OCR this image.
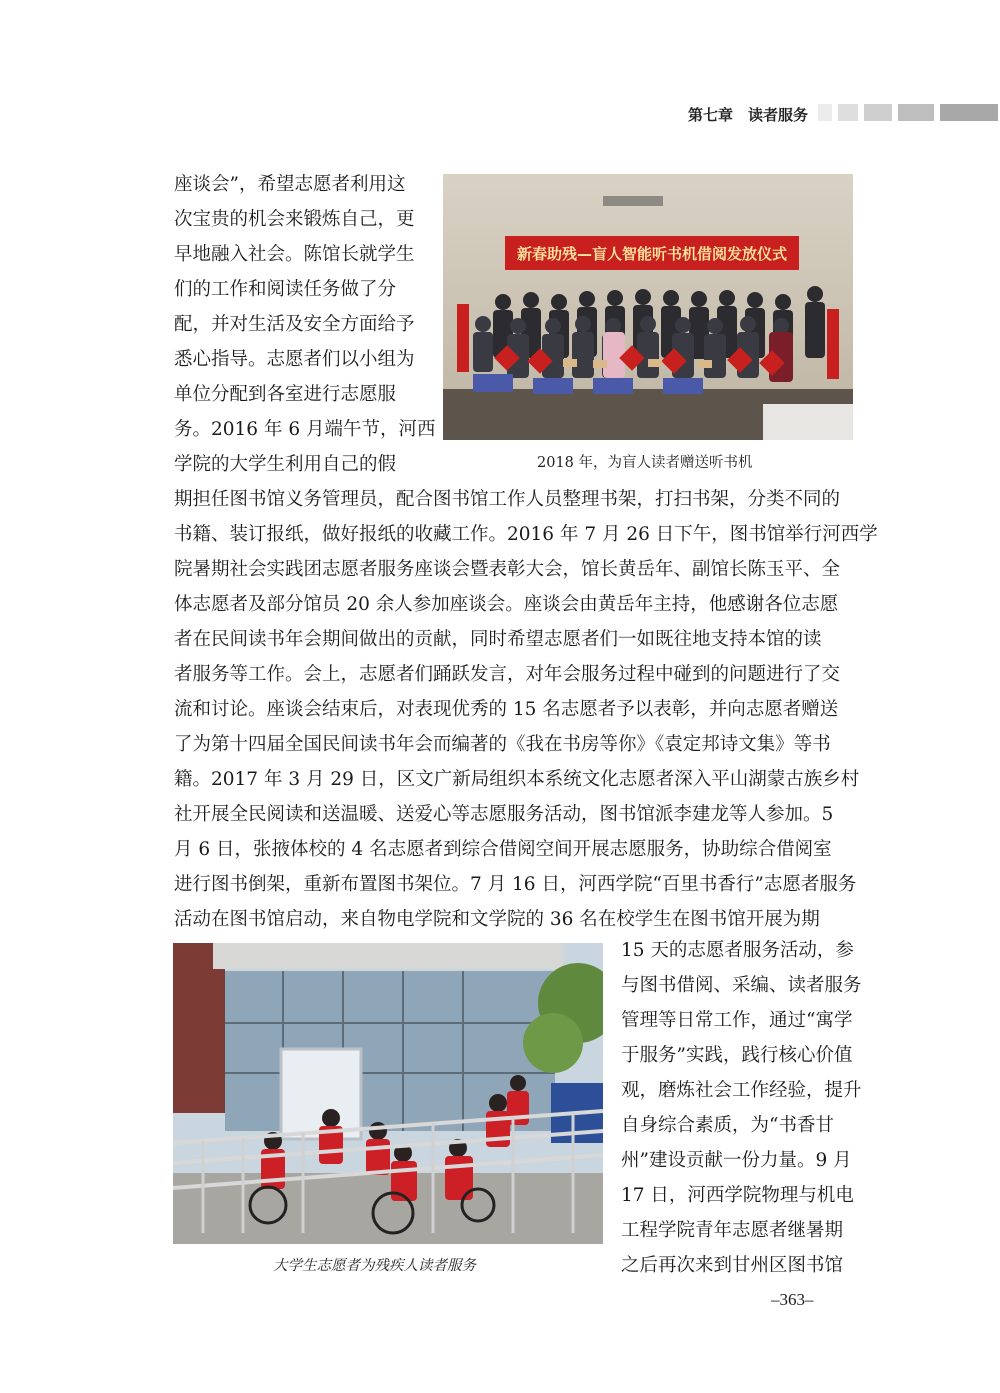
第七章　读者服务
座谈会”，希望志愿者利用这
次宝贵的机会来锻炼自己，更
早地融入社会。陈馆长就学生
们的工作和阅读任务做了分
配，并对生活及安全方面给予
悉心指导。志愿者们以小组为
单位分配到各室进行志愿服
务。2016 年 6 月端午节，河西
学院的大学生利用自己的假
新春助残—盲人智能听书机借阅发放仪式
2018 年，为盲人读者赠送听书机
期担任图书馆义务管理员，配合图书馆工作人员整理书架，打扫书架，分类不同的
书籍、装订报纸，做好报纸的收藏工作。2016 年 7 月 26 日下午，图书馆举行河西学
院暑期社会实践团志愿者服务座谈会暨表彰大会，馆长黄岳年、副馆长陈玉平、全
体志愿者及部分馆员 20 余人参加座谈会。座谈会由黄岳年主持，他感谢各位志愿
者在民间读书年会期间做出的贡献，同时希望志愿者们一如既往地支持本馆的读
者服务等工作。会上，志愿者们踊跃发言，对年会服务过程中碰到的问题进行了交
流和讨论。座谈会结束后，对表现优秀的 15 名志愿者予以表彰，并向志愿者赠送
了为第十四届全国民间读书年会而编著的《我在书房等你》《袁定邦诗文集》等书
籍。2017 年 3 月 29 日，区文广新局组织本系统文化志愿者深入平山湖蒙古族乡村
社开展全民阅读和送温暖、送爱心等志愿服务活动，图书馆派李建龙等人参加。5
月 6 日，张掖体校的 4 名志愿者到综合借阅空间开展志愿服务，协助综合借阅室
进行图书倒架，重新布置图书架位。7 月 16 日，河西学院“百里书香行”志愿者服务
活动在图书馆启动，来自物电学院和文学院的 36 名在校学生在图书馆开展为期
大学生志愿者为残疾人读者服务
15 天的志愿者服务活动，参
与图书借阅、采编、读者服务
管理等日常工作，通过“寓学
于服务”实践，践行核心价值
观，磨炼社会工作经验，提升
自身综合素质，为“书香甘
州”建设贡献一份力量。9 月
17 日，河西学院物理与机电
工程学院青年志愿者继暑期
之后再次来到甘州区图书馆
–363–
